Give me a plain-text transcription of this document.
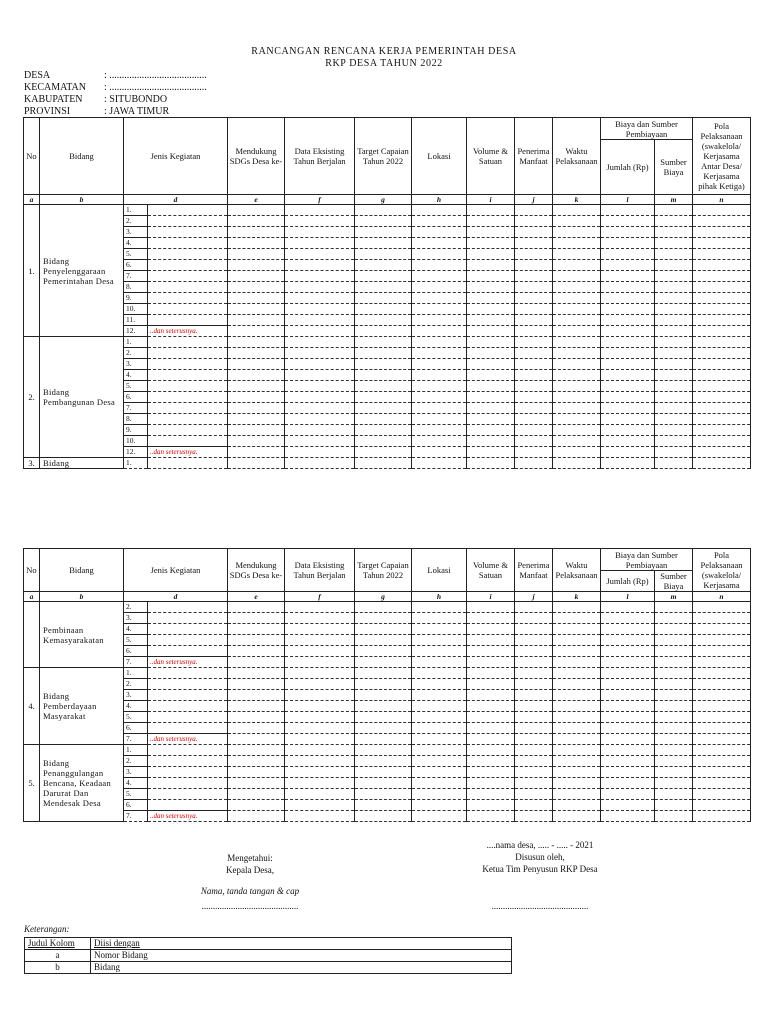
RANCANGAN RENCANA KERJA PEMERINTAH DESA
RKP DESA TAHUN 2022
DESA	: .......................................
KECAMATAN : .......................................
KABUPATEN : SITUBONDO
PROVINSI	: JAWA TIMUR
No	Bidang	Jenis Kegiatan		Mendukung SDGs Desa ke-	Data Eksisting Tahun Berjalan	Target Capaian Tahun 2022	Lokasi	Volume & Satuan	Penerima Manfaat	Waktu Pelaksanaan	Biaya dan Sumber Pembiayaan		Pola Pelaksanaan (swakelola/ Kerjasama Antar Desa/ Kerjasama pihak Ketiga)
											Jumlah (Rp)	Sumber Biaya	
a	b	d		e	f	g	h	i	j	k	l	m	n
1.	Bidang Penyelenggaraan Pemerintahan Desa	1.											
		2.											
		3.											
		4.											
		5.											
		6.											
		7.											
		8.											
		9.											
		10.											
		11.											
		12.	..dan seterusnya.										
2.	Bidang Pembangunan Desa	1.											
		2.											
		3.											
		4.											
		5.											
		6.											
		7.											
		8.											
		9.											
		10.											
		12.	..dan seterusnya.										
3.	Bidang	1.											
No	Bidang	Jenis Kegiatan		Mendukung SDGs Desa ke-	Data Eksisting Tahun Berjalan	Target Capaian Tahun 2022	Lokasi	Volume & Satuan	Penerima Manfaat	Waktu Pelaksanaan	Biaya dan Sumber Pembiayaan		Pola Pelaksanaan (swakelola/ Kerjasama
											Jumlah (Rp)	Sumber Biaya	
a	b	d		e	f	g	h	i	j	k	l	m	n
	Pembinaan Kemasyarakatan	2.											
		3.											
		4.											
		5.											
		6.											
		7.	..dan seterusnya.										
4.	Bidang Pemberdayaan Masyarakat	1.											
		2.											
		3.											
		4.											
		5.											
		6.											
		7.	..dan seterusnya.										
5.	Bidang Penanggulangan Bencana, Keadaan Darurat Dan Mendesak Desa	1.											
		2.											
		3.											
		4.											
		5.											
		6.											
		7.	..dan seterusnya.										
Mengetahui:
Kepala Desa,
Nama, tanda tangan & cap
...........................................
....nama desa, ..... - ..... - 2021
Disusun oleh,
Ketua Tim Penyusun RKP Desa
...........................................
Keterangan:
Judul Kolom	Diisi dengan
a	Nomor Bidang
b	Bidang
